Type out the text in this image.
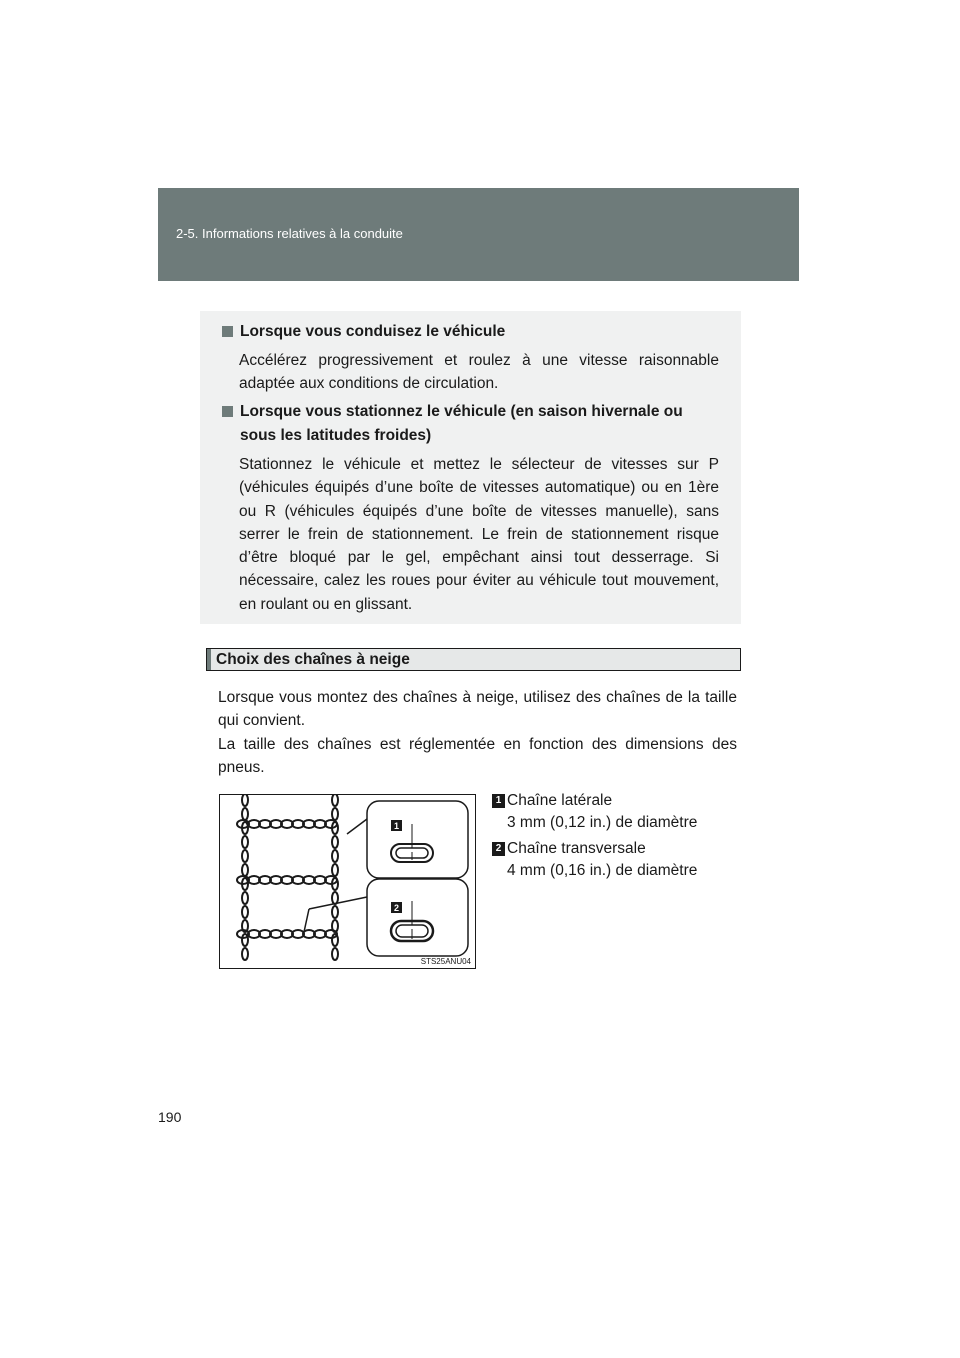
2-5. Informations relatives à la conduite
Lorsque vous conduisez le véhicule
Accélérez progressivement et roulez à une vitesse raisonnable adaptée aux conditions de circulation.
Lorsque vous stationnez le véhicule (en saison hivernale ou sous les latitudes froides)
Stationnez le véhicule et mettez le sélecteur de vitesses sur P (véhicules équipés d’une boîte de vitesses automatique) ou en 1ère ou R (véhicules équipés d’une boîte de vitesses manuelle), sans serrer le frein de stationnement. Le frein de stationnement risque d’être bloqué par le gel, empêchant ainsi tout desserrage. Si nécessaire, calez les roues pour éviter au véhicule tout mouvement, en roulant ou en glissant.
Choix des chaînes à neige
Lorsque vous montez des chaînes à neige, utilisez des chaînes de la taille qui convient.
La taille des chaînes est réglementée en fonction des dimensions des pneus.
1
2
STS25ANU04
1 Chaîne latérale
3 mm (0,12 in.) de diamètre
2 Chaîne transversale
4 mm (0,16 in.) de diamètre
190
